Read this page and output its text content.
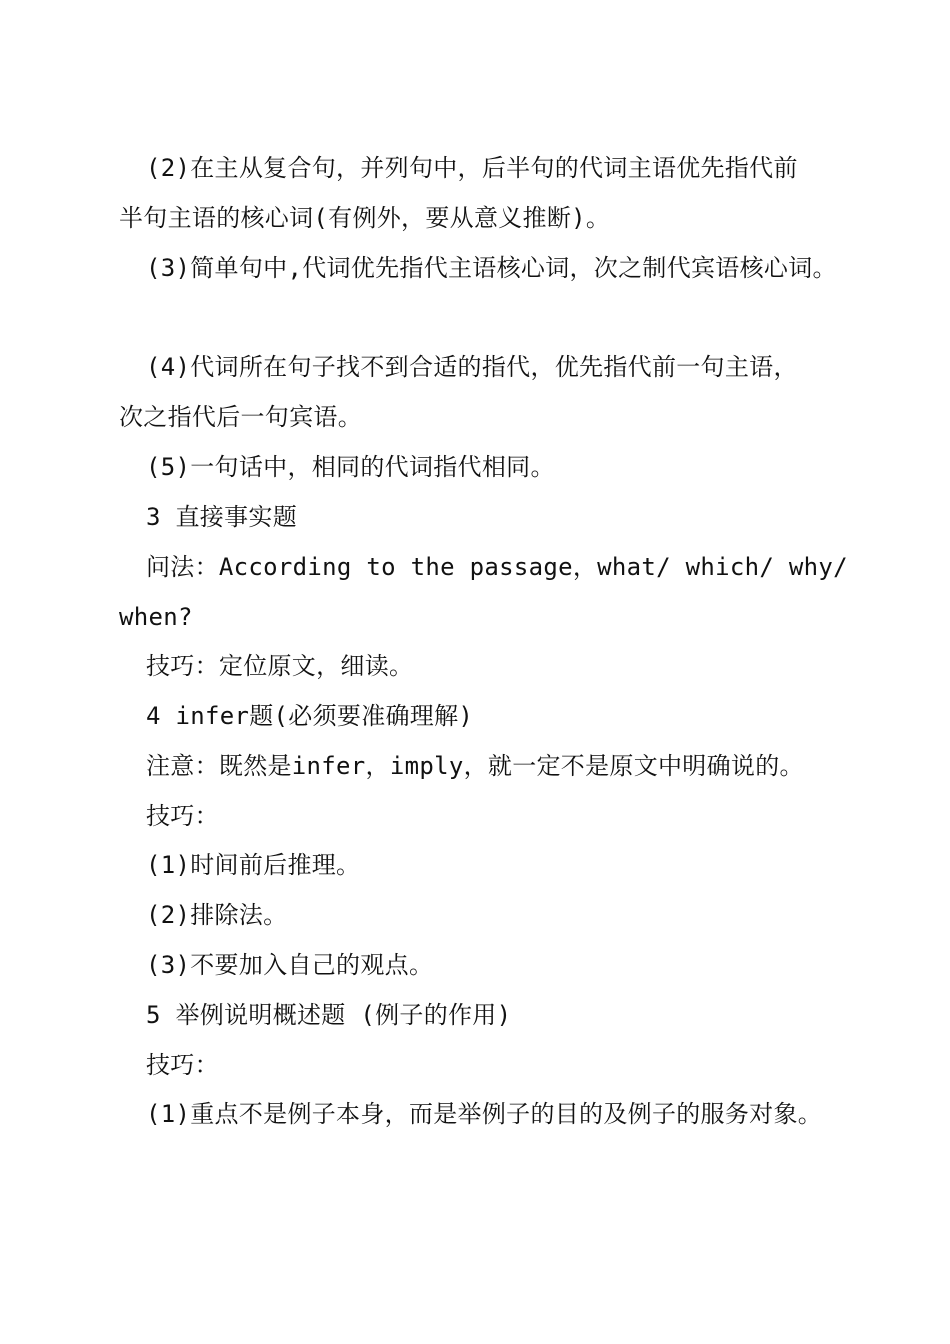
(2)在主从复合句，并列句中，后半句的代词主语优先指代前
半句主语的核心词(有例外，要从意义推断)。
(3)简单句中,代词优先指代主语核心词，次之制代宾语核心词。
(4)代词所在句子找不到合适的指代，优先指代前一句主语，
次之指代后一句宾语。
(5)一句话中，相同的代词指代相同。
3 直接事实题
问法：According to the passage，what/ which/ why/
when?
技巧：定位原文，细读。
4 infer题(必须要准确理解)
注意：既然是infer，imply，就一定不是原文中明确说的。
技巧：
(1)时间前后推理。
(2)排除法。
(3)不要加入自己的观点。
5 举例说明概述题 (例子的作用)
技巧：
(1)重点不是例子本身，而是举例子的目的及例子的服务对象。
